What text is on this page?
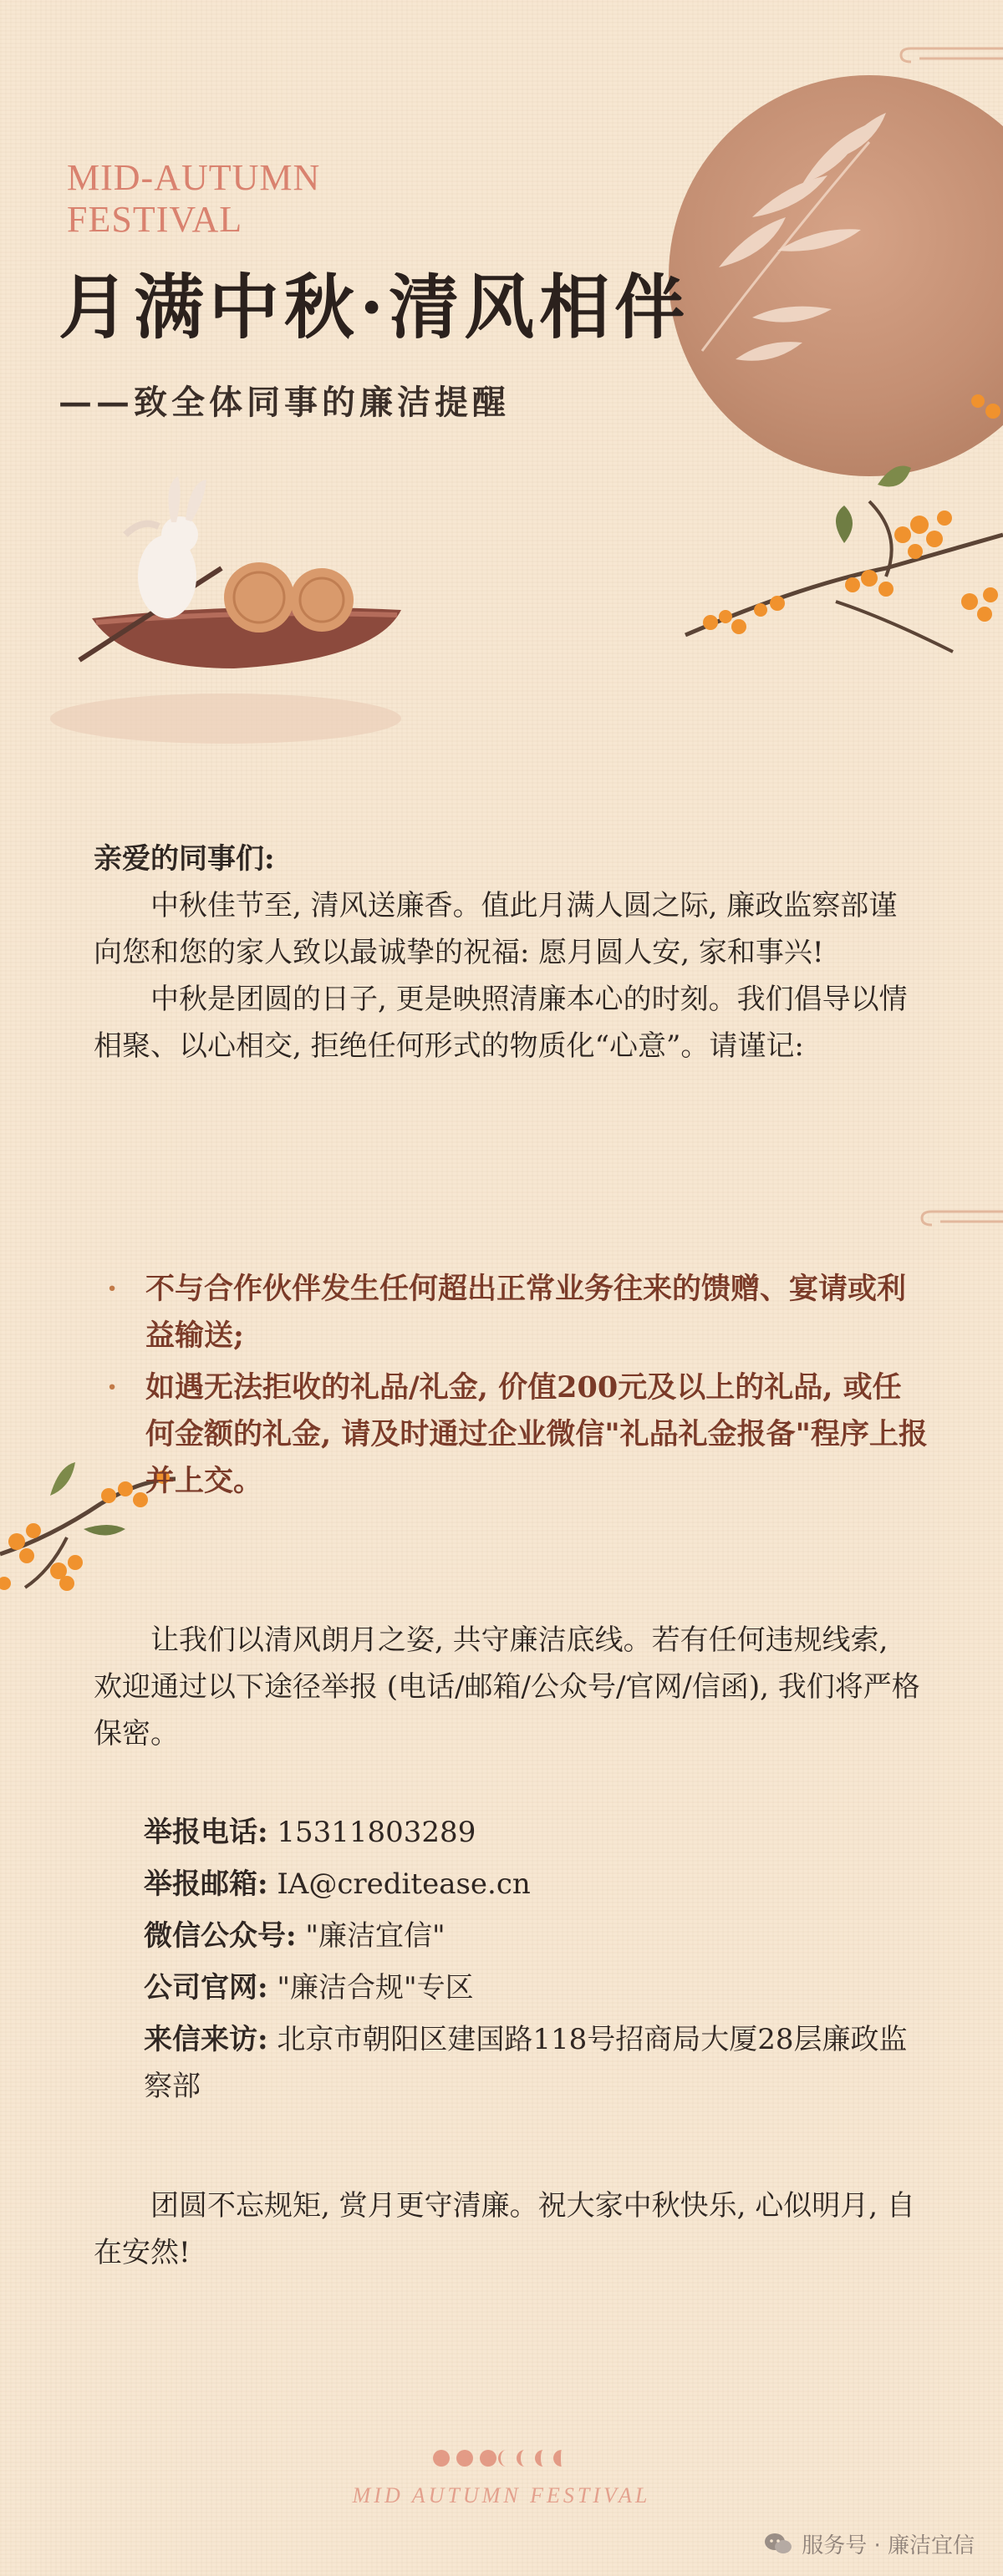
MID-AUTUMN
FESTIVAL
月满中秋·清风相伴
——致全体同事的廉洁提醒

亲爱的同事们:

中秋佳节至, 清风送廉香。值此月满人圆之际, 廉政监察部谨向您和您的家人致以最诚挚的祝福: 愿月圆人安, 家和事兴!

中秋是团圆的日子, 更是映照清廉本心的时刻。我们倡导以情相聚、以心相交, 拒绝任何形式的物质化“心意”。请谨记:

· 不与合作伙伴发生任何超出正常业务往来的馈赠、宴请或利益输送;
· 如遇无法拒收的礼品/礼金, 价值200元及以上的礼品, 或任何金额的礼金, 请及时通过企业微信"礼品礼金报备"程序上报并上交。

让我们以清风朗月之姿, 共守廉洁底线。若有任何违规线索, 欢迎通过以下途径举报 (电话/邮箱/公众号/官网/信函), 我们将严格保密。

举报电话: 15311803289
举报邮箱: IA@creditease.cn
微信公众号: "廉洁宜信"
公司官网: "廉洁合规"专区
来信来访: 北京市朝阳区建国路118号招商局大厦28层廉政监察部

团圆不忘规矩, 赏月更守清廉。祝大家中秋快乐, 心似明月, 自在安然!

MID AUTUMN FESTIVAL
服务号 · 廉洁宜信
